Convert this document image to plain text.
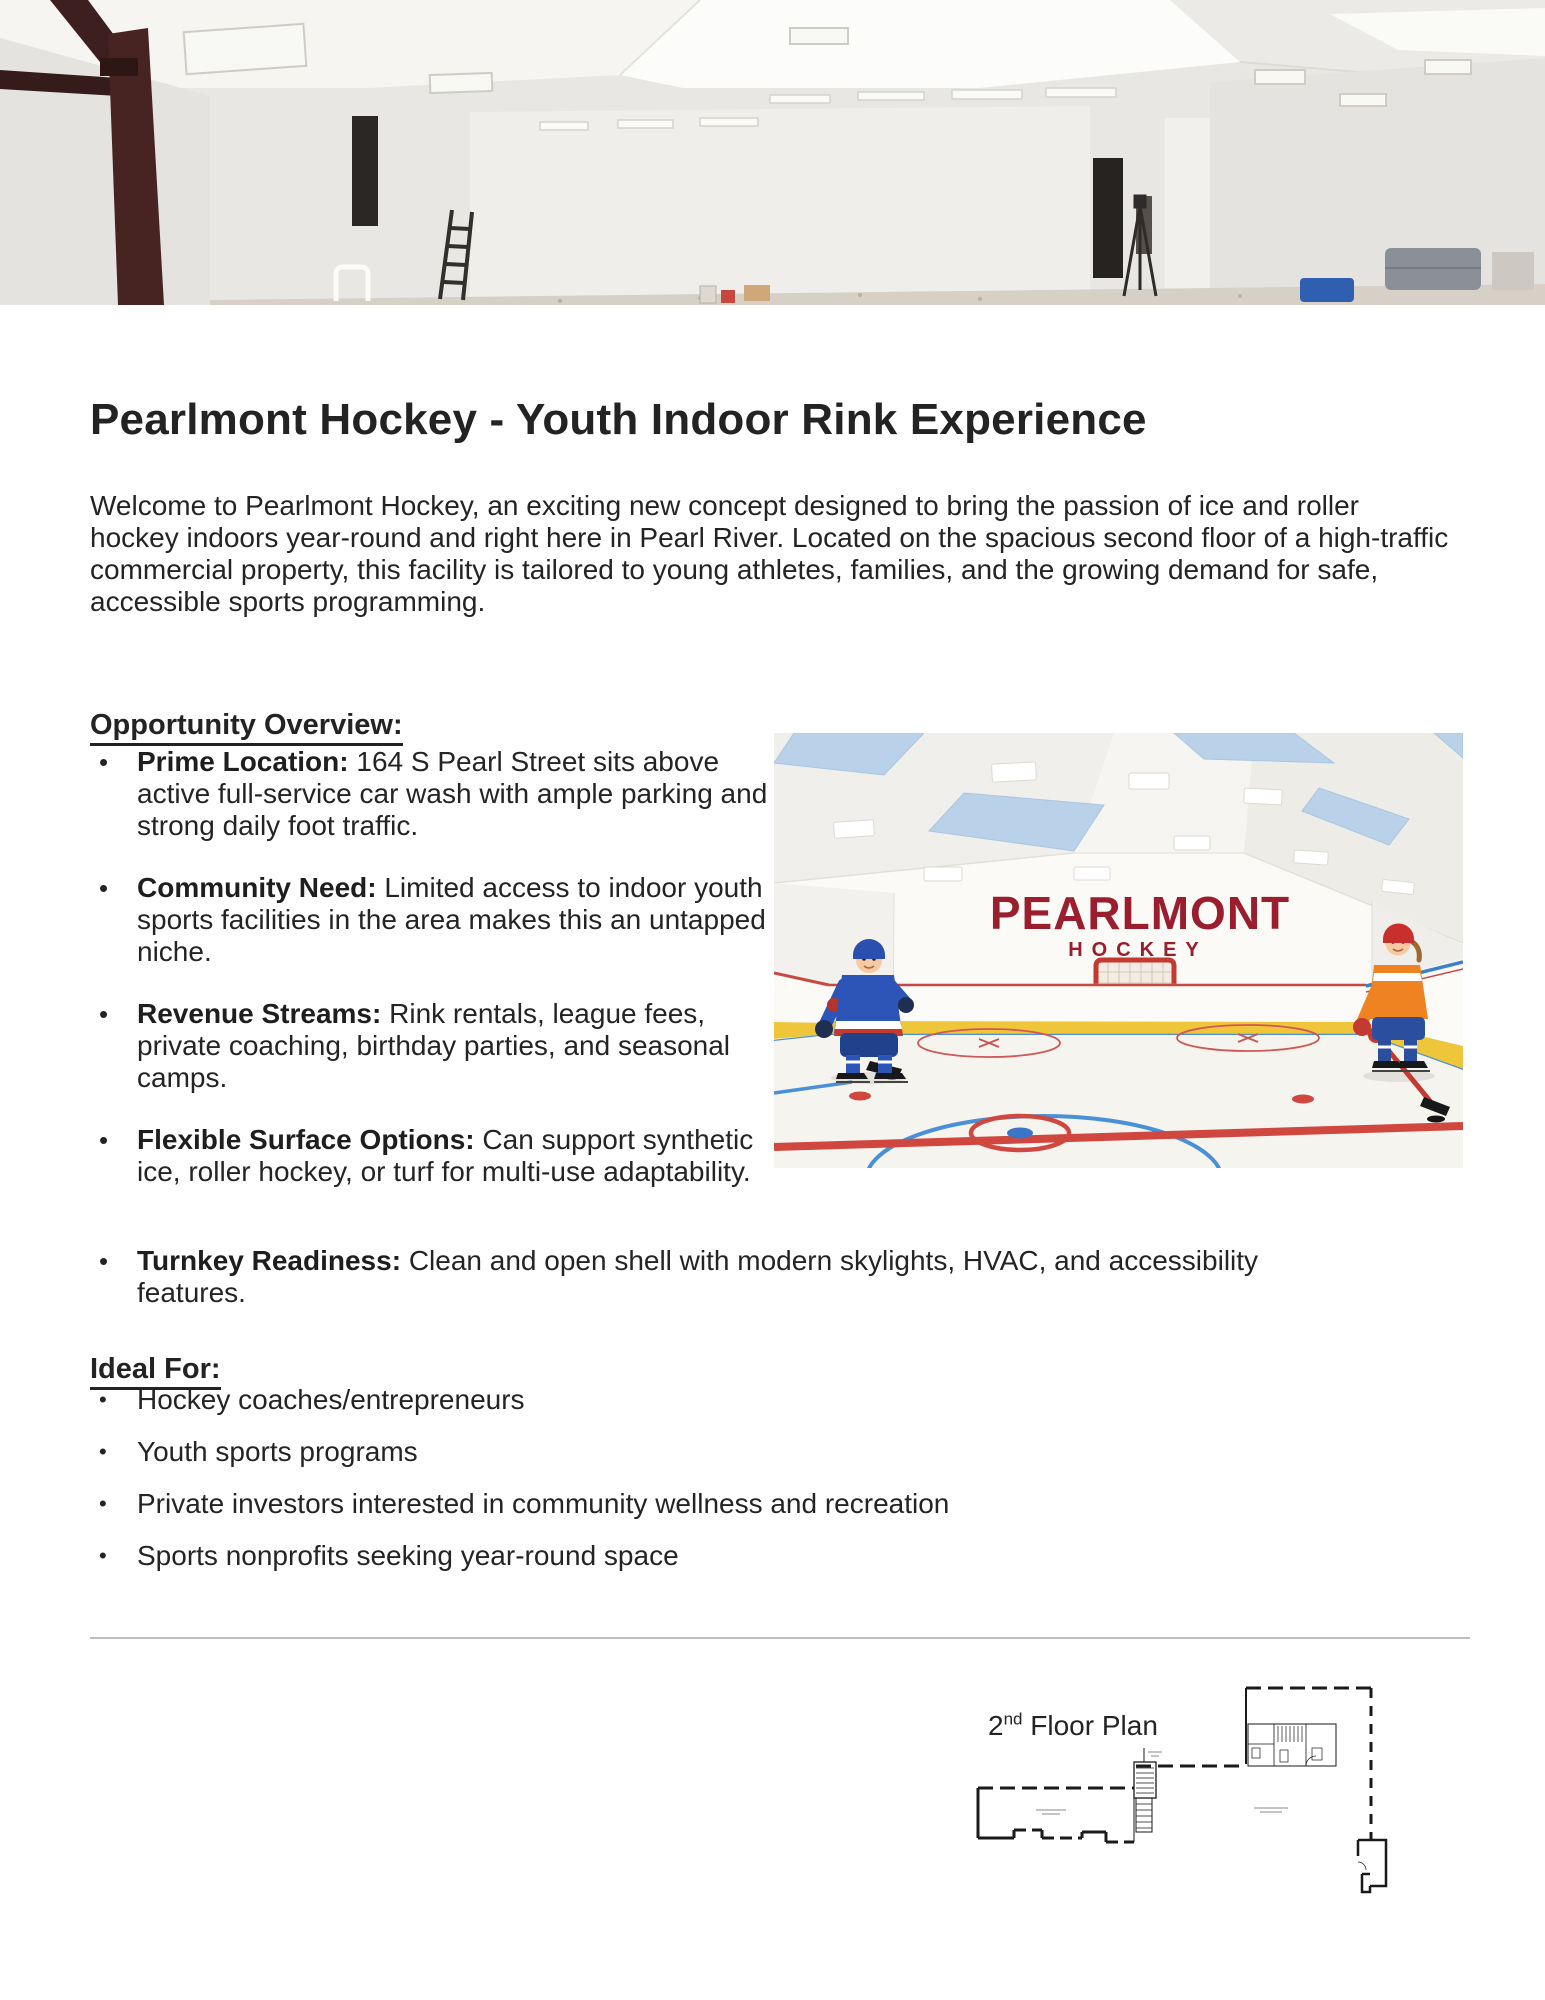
Pearlmont Hockey - Youth Indoor Rink Experience

Welcome to Pearlmont Hockey, an exciting new concept designed to bring the passion of ice and roller hockey indoors year-round and right here in Pearl River. Located on the spacious second floor of a high-traffic commercial property, this facility is tailored to young athletes, families, and the growing demand for safe, accessible sports programming.

Opportunity Overview:
•	Prime Location: 164 S Pearl Street sits above active full-service car wash with ample parking and strong daily foot traffic.

•	Community Need: Limited access to indoor youth sports facilities in the area makes this an untapped niche.

•	Revenue Streams: Rink rentals, league fees, private coaching, birthday parties, and seasonal camps.

•	Flexible Surface Options: Can support synthetic ice, roller hockey, or turf for multi-use adaptability.

•	Turnkey Readiness: Clean and open shell with modern skylights, HVAC, and accessibility features.

PEARLMONT
HOCKEY
Ideal For:
•	Hockey coaches/entrepreneurs

•	Youth sports programs

•	Private investors interested in community wellness and recreation

•	Sports nonprofits seeking year-round space

2nd Floor Plan
